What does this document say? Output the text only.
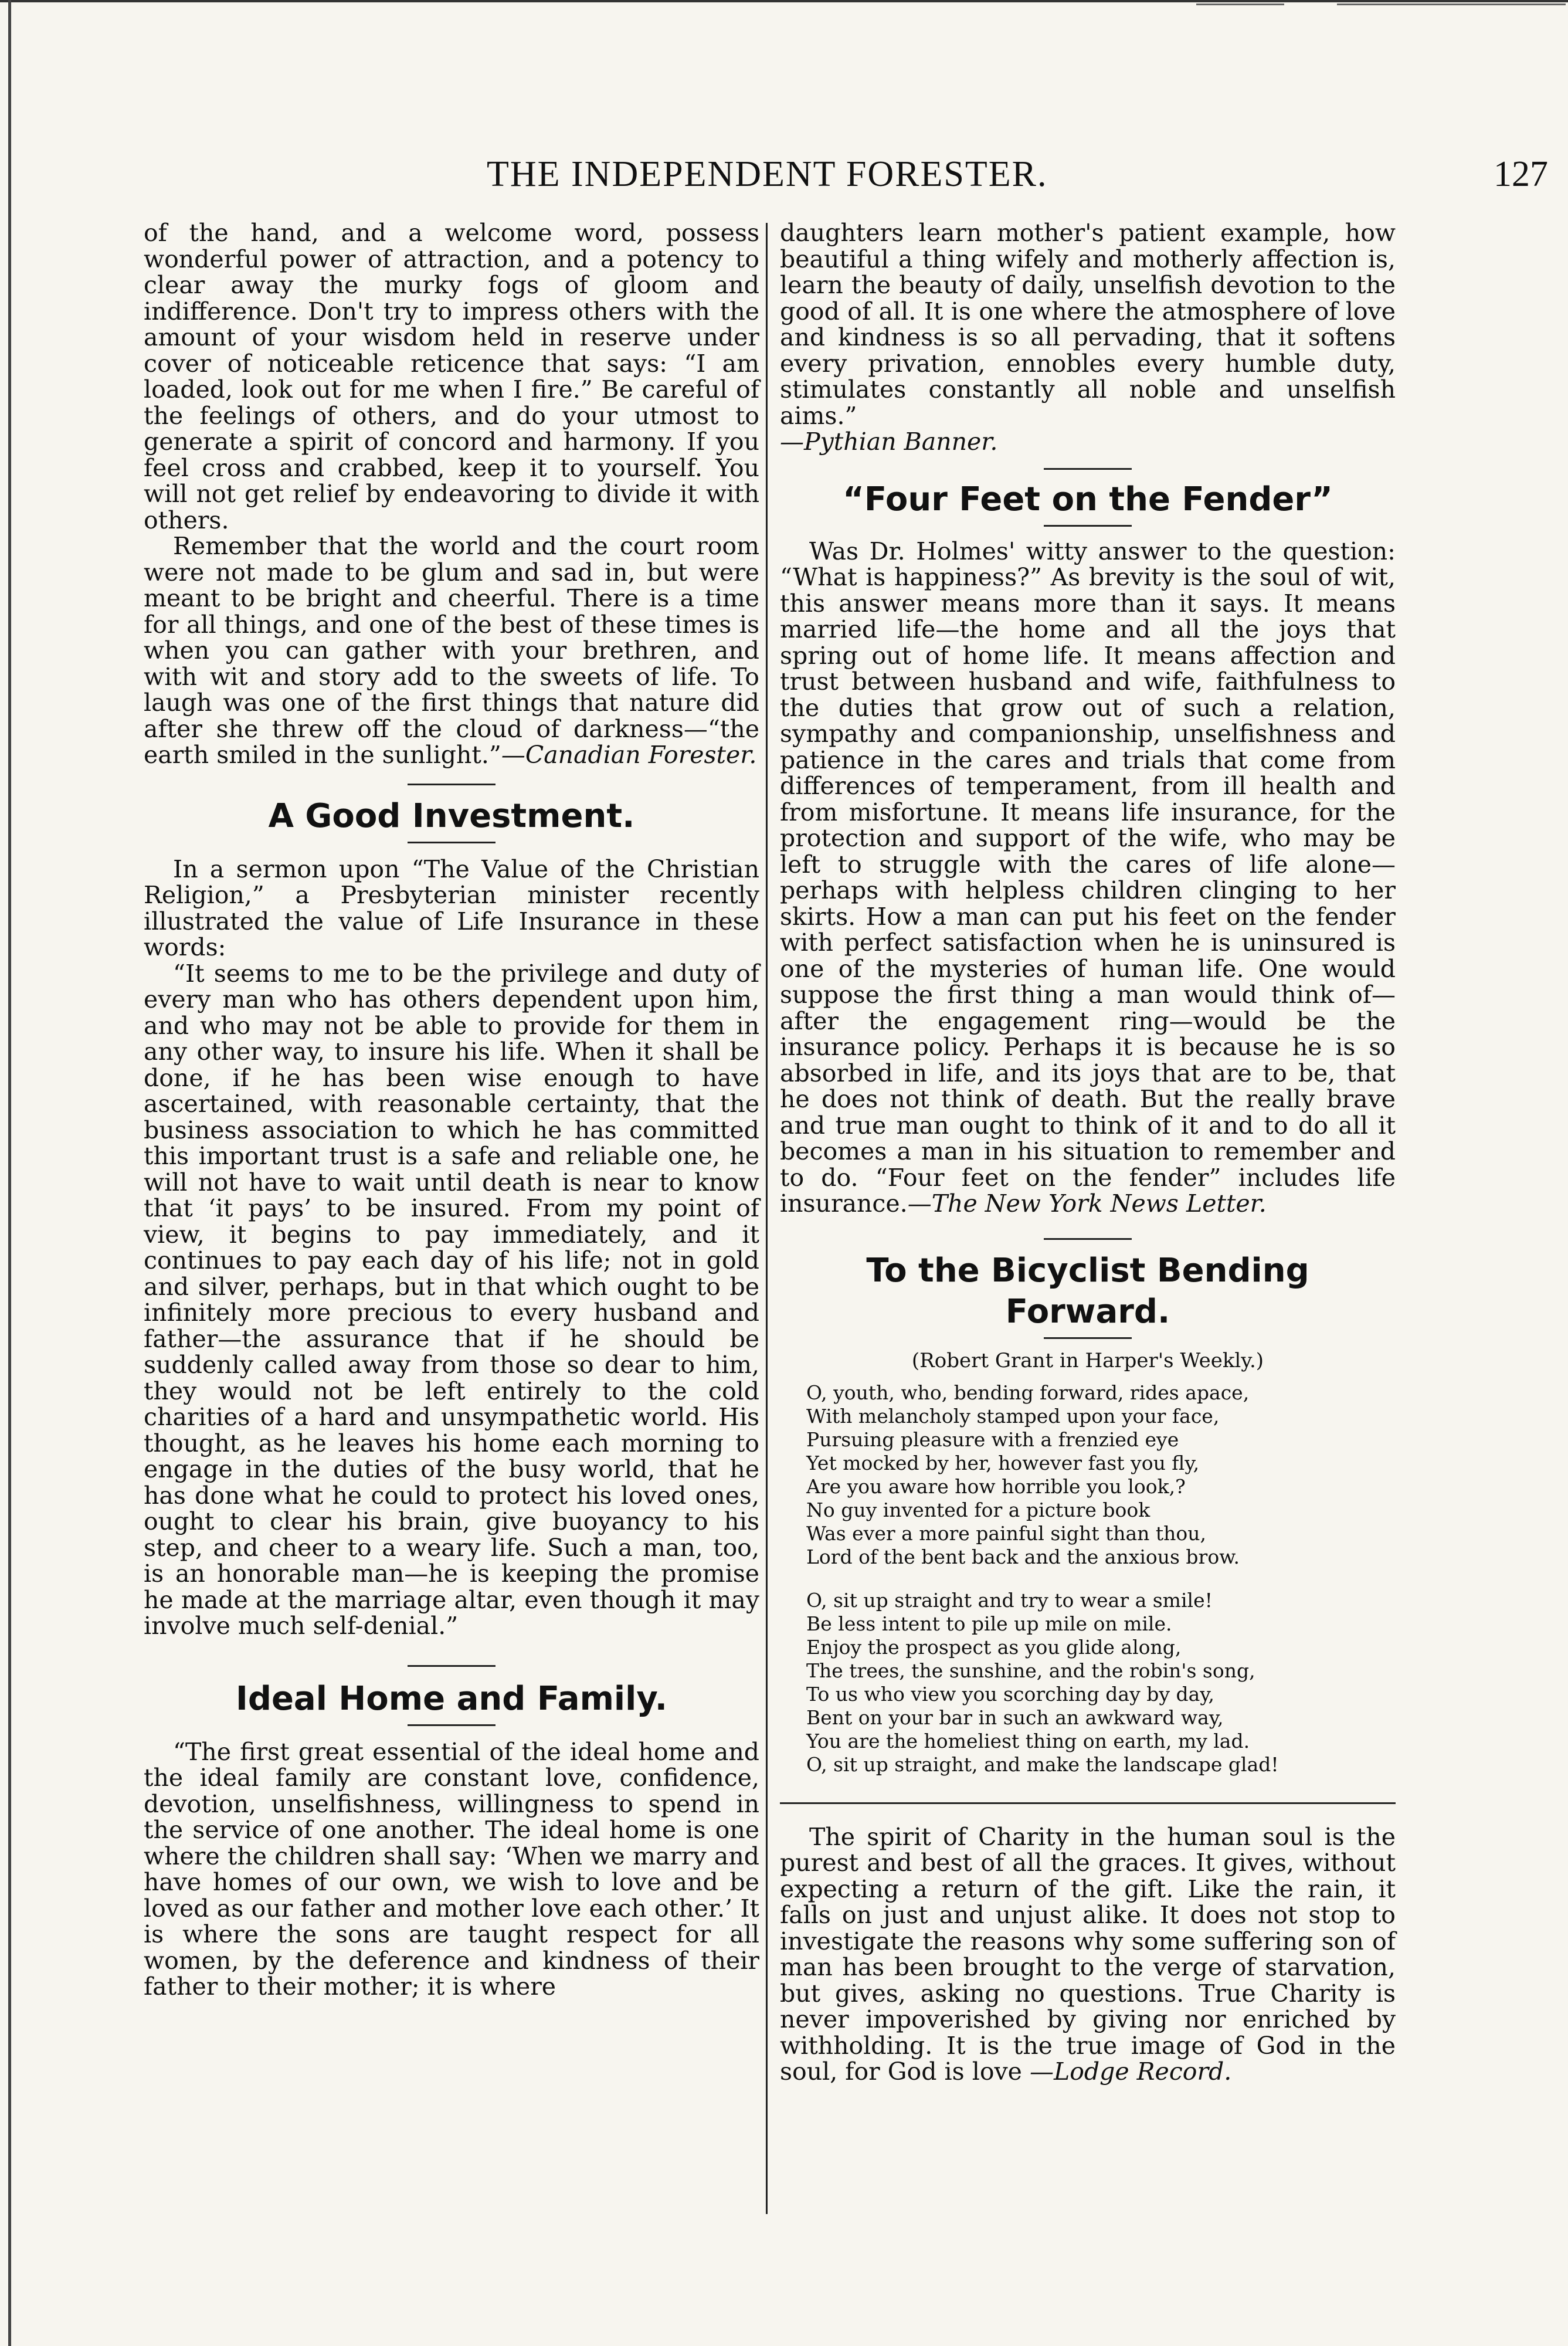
THE INDEPENDENT FORESTER.	127

of the hand, and a welcome word, possess wonderful power of attraction, and a potency to clear away the murky fogs of gloom and indifference. Don't try to impress others with the amount of your wisdom held in reserve under cover of noticeable reticence that says: “I am loaded, look out for me when I fire.” Be careful of the feelings of others, and do your utmost to generate a spirit of concord and harmony. If you feel cross and crabbed, keep it to yourself. You will not get relief by endeavoring to divide it with others.

Remember that the world and the court room were not made to be glum and sad in, but were meant to be bright and cheerful. There is a time for all things, and one of the best of these times is when you can gather with your brethren, and with wit and story add to the sweets of life. To laugh was one of the first things that nature did after she threw off the cloud of darkness—“the earth smiled in the sunlight.”—Canadian Forester.

A Good Investment.

In a sermon upon “The Value of the Christian Religion,” a Presbyterian minister recently illustrated the value of Life Insurance in these words:

“It seems to me to be the privilege and duty of every man who has others dependent upon him, and who may not be able to provide for them in any other way, to insure his life. When it shall be done, if he has been wise enough to have ascertained, with reasonable certainty, that the business association to which he has committed this important trust is a safe and reliable one, he will not have to wait until death is near to know that ‘it pays’ to be insured. From my point of view, it begins to pay immediately, and it continues to pay each day of his life; not in gold and silver, perhaps, but in that which ought to be infinitely more precious to every husband and father—the assurance that if he should be suddenly called away from those so dear to him, they would not be left entirely to the cold charities of a hard and unsympathetic world. His thought, as he leaves his home each morning to engage in the duties of the busy world, that he has done what he could to protect his loved ones, ought to clear his brain, give buoyancy to his step, and cheer to a weary life. Such a man, too, is an honorable man—he is keeping the promise he made at the marriage altar, even though it may involve much self-denial.”

Ideal Home and Family.

“The first great essential of the ideal home and the ideal family are constant love, confidence, devotion, unselfishness, willingness to spend in the service of one another. The ideal home is one where the children shall say: ‘When we marry and have homes of our own, we wish to love and be loved as our father and mother love each other.’ It is where the sons are taught respect for all women, by the deference and kindness of their father to their mother; it is where

daughters learn mother's patient example, how beautiful a thing wifely and motherly affection is, learn the beauty of daily, unselfish devotion to the good of all. It is one where the atmosphere of love and kindness is so all pervading, that it softens every privation, ennobles every humble duty, stimulates constantly all noble and unselfish aims.”

—Pythian Banner.

“Four Feet on the Fender”

Was Dr. Holmes' witty answer to the question: “What is happiness?” As brevity is the soul of wit, this answer means more than it says. It means married life—the home and all the joys that spring out of home life. It means affection and trust between husband and wife, faithfulness to the duties that grow out of such a relation, sympathy and companionship, unselfishness and patience in the cares and trials that come from differences of temperament, from ill health and from misfortune. It means life insurance, for the protection and support of the wife, who may be left to struggle with the cares of life alone—perhaps with helpless children clinging to her skirts. How a man can put his feet on the fender with perfect satisfaction when he is uninsured is one of the mysteries of human life. One would suppose the first thing a man would think of—after the engagement ring—would be the insurance policy. Perhaps it is because he is so absorbed in life, and its joys that are to be, that he does not think of death. But the really brave and true man ought to think of it and to do all it becomes a man in his situation to remember and to do. “Four feet on the fender” includes life insurance.—The New York News Letter.

To the Bicyclist Bending Forward.

(Robert Grant in Harper's Weekly.)

O, youth, who, bending forward, rides apace,

With melancholy stamped upon your face,

Pursuing pleasure with a frenzied eye

Yet mocked by her, however fast you fly,

Are you aware how horrible you look,?

No guy invented for a picture book

Was ever a more painful sight than thou,

Lord of the bent back and the anxious brow.

O, sit up straight and try to wear a smile!

Be less intent to pile up mile on mile.

Enjoy the prospect as you glide along,

The trees, the sunshine, and the robin's song,

To us who view you scorching day by day,

Bent on your bar in such an awkward way,

You are the homeliest thing on earth, my lad.

O, sit up straight, and make the landscape glad!

The spirit of Charity in the human soul is the purest and best of all the graces. It gives, without expecting a return of the gift. Like the rain, it falls on just and unjust alike. It does not stop to investigate the reasons why some suffering son of man has been brought to the verge of starvation, but gives, asking no questions. True Charity is never impoverished by giving nor enriched by withholding. It is the true image of God in the soul, for God is love —Lodge Record.
